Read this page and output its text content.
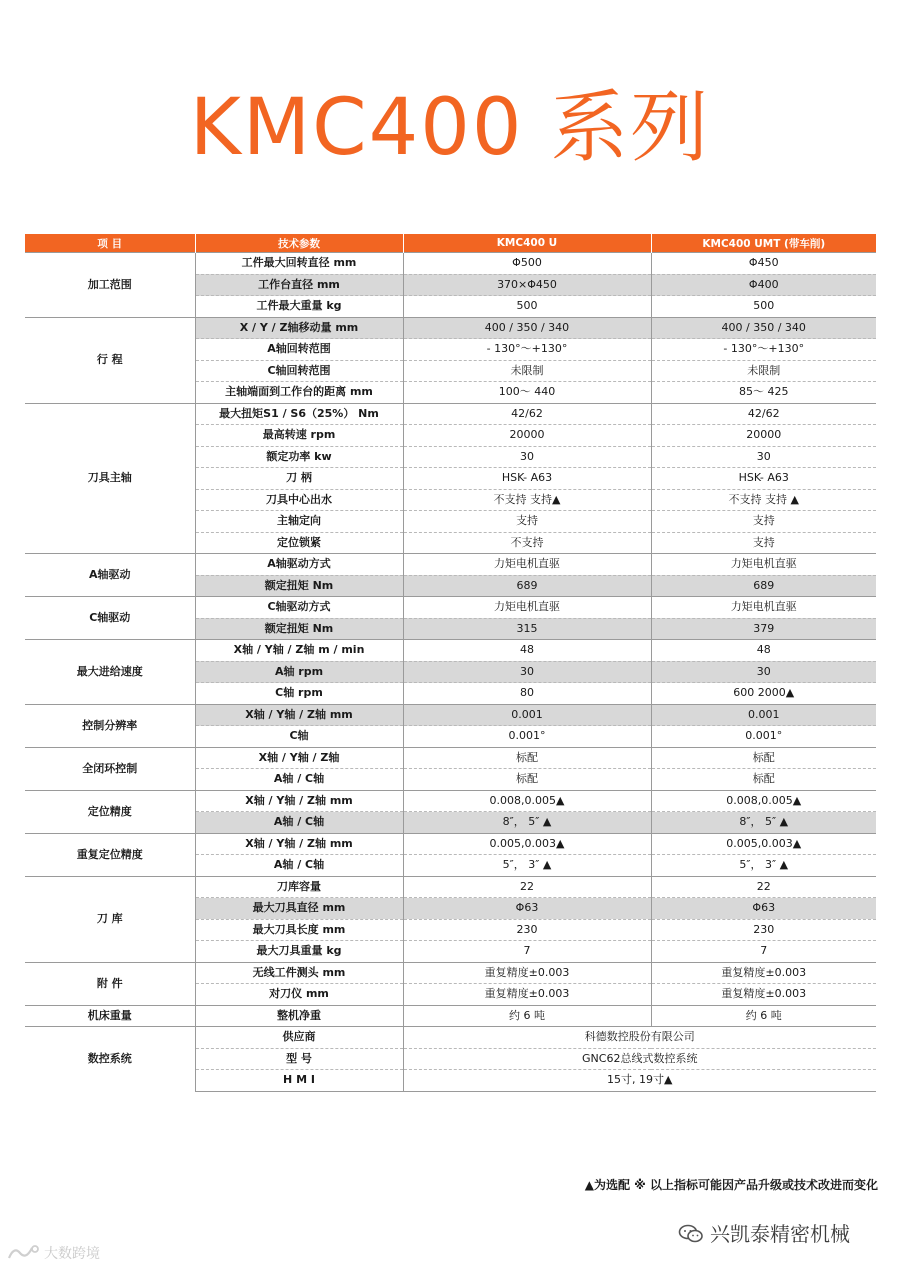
KMC400 系列
项 目	技术参数	KMC400 U	KMC400 UMT (带车削)
加工范围	工件最大回转直径 mm	Φ500	Φ450
	工作台直径 mm	370×Φ450	Φ400
	工件最大重量 kg	500	500
行 程	X / Y / Z轴移动量 mm	400 / 350 / 340	400 / 350 / 340
	A轴回转范围	- 130°～+130°	- 130°～+130°
	C轴回转范围	未限制	未限制
	主轴端面到工作台的距离 mm	100～ 440	85～ 425
刀具主轴	最大扭矩S1 / S6（25%） Nm	42/62	42/62
	最高转速 rpm	20000	20000
	额定功率 kw	30	30
	刀 柄	HSK- A63	HSK- A63
	刀具中心出水	不支持 支持▲	不支持 支持 ▲
	主轴定向	支持	支持
	定位锁紧	不支持	支持
A轴驱动	A轴驱动方式	力矩电机直驱	力矩电机直驱
	额定扭矩 Nm	689	689
C轴驱动	C轴驱动方式	力矩电机直驱	力矩电机直驱
	额定扭矩 Nm	315	379
最大进给速度	X轴 / Y轴 / Z轴 m / min	48	48
	A轴 rpm	30	30
	C轴 rpm	80	600 2000▲
控制分辨率	X轴 / Y轴 / Z轴 mm	0.001	0.001
	C轴	0.001°	0.001°
全闭环控制	X轴 / Y轴 / Z轴	标配	标配
	A轴 / C轴	标配	标配
定位精度	X轴 / Y轴 / Z轴 mm	0.008,0.005▲	0.008,0.005▲
	A轴 / C轴	8″， 5″ ▲	8″， 5″ ▲
重复定位精度	X轴 / Y轴 / Z轴 mm	0.005,0.003▲	0.005,0.003▲
	A轴 / C轴	5″， 3″ ▲	5″， 3″ ▲
刀 库	刀库容量	22	22
	最大刀具直径 mm	Φ63	Φ63
	最大刀具长度 mm	230	230
	最大刀具重量 kg	7	7
附 件	无线工件测头 mm	重复精度±0.003	重复精度±0.003
	对刀仪 mm	重复精度±0.003	重复精度±0.003
机床重量	整机净重	约 6 吨	约 6 吨
数控系统	供应商	科德数控股份有限公司	
	型 号	GNC62总线式数控系统	
	H M I	15寸, 19寸▲	
▲为选配 ※ 以上指标可能因产品升级或技术改进而变化
兴凯泰精密机械
大数跨境
